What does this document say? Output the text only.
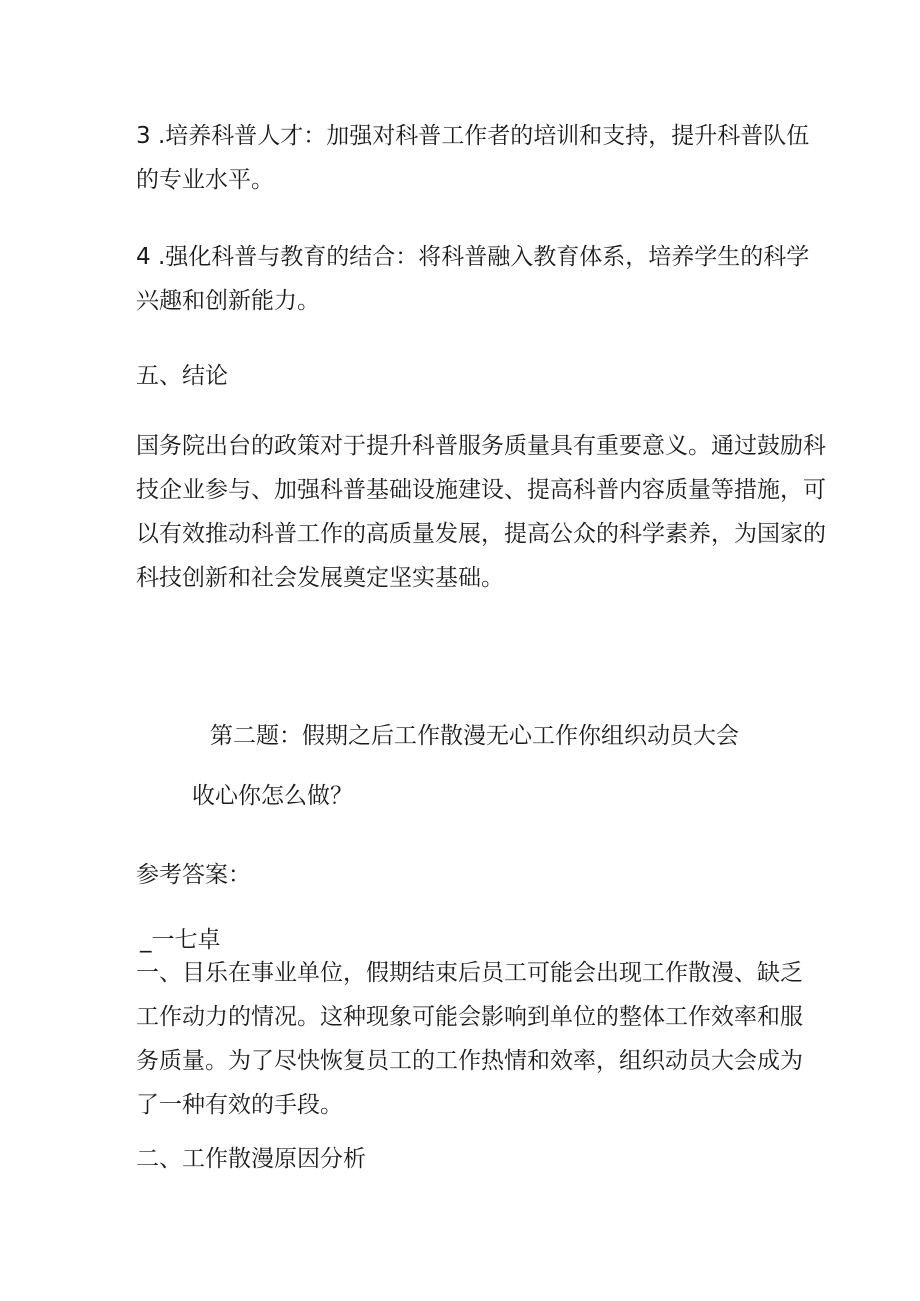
3 .培养科普人才：加强对科普工作者的培训和支持，提升科普队伍
的专业水平。

4 .强化科普与教育的结合：将科普融入教育体系，培养学生的科学
兴趣和创新能力。

五、结论

国务院出台的政策对于提升科普服务质量具有重要意义。通过鼓励科
技企业参与、加强科普基础设施建设、提高科普内容质量等措施，可
以有效推动科普工作的高质量发展，提高公众的科学素养，为国家的
科技创新和社会发展奠定坚实基础。

第二题：假期之后工作散漫无心工作你组织动员大会

收心你怎么做？

参考答案：

_一七卓

一、目乐在事业单位，假期结束后员工可能会出现工作散漫、缺乏
工作动力的情况。这种现象可能会影响到单位的整体工作效率和服
务质量。为了尽快恢复员工的工作热情和效率，组织动员大会成为
了一种有效的手段。

二、工作散漫原因分析
